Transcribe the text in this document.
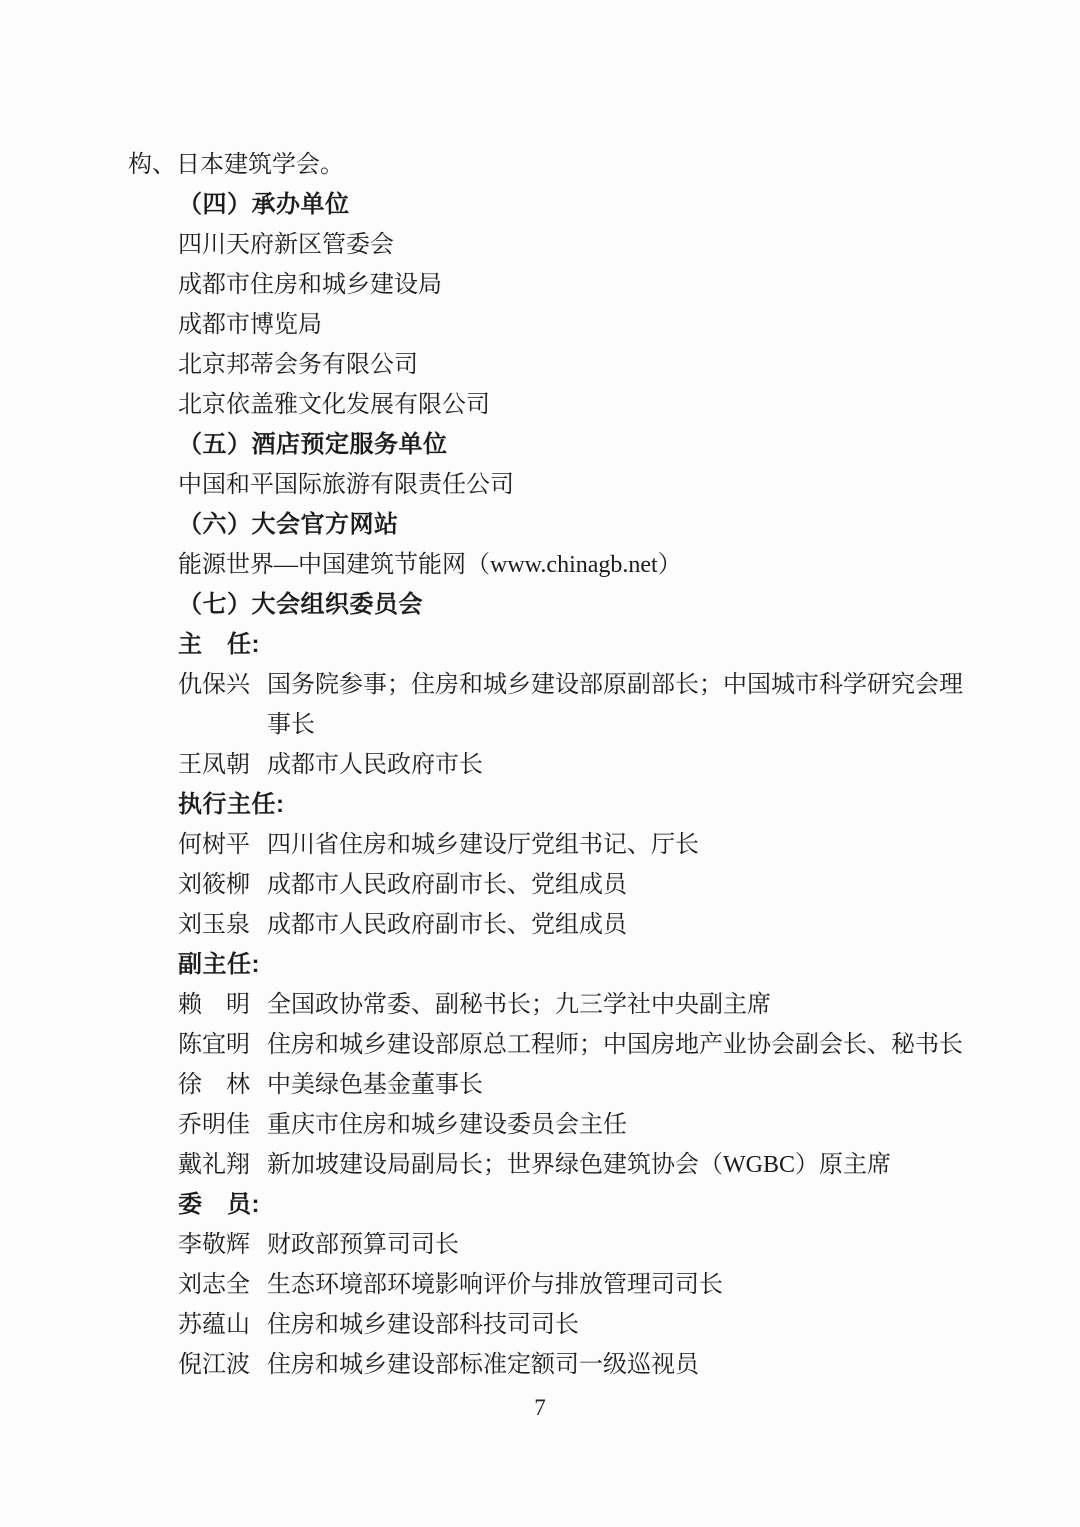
构、日本建筑学会。
（四）承办单位
四川天府新区管委会
成都市住房和城乡建设局
成都市博览局
北京邦蒂会务有限公司
北京依盖雅文化发展有限公司
（五）酒店预定服务单位
中国和平国际旅游有限责任公司
（六）大会官方网站
能源世界—中国建筑节能网（www.chinagb.net）
（七）大会组织委员会
主　任:
仇保兴 国务院参事；住房和城乡建设部原副部长；中国城市科学研究会理事长
王凤朝 成都市人民政府市长
执行主任:
何树平 四川省住房和城乡建设厅党组书记、厅长
刘筱柳 成都市人民政府副市长、党组成员
刘玉泉 成都市人民政府副市长、党组成员
副主任:
赖　明 全国政协常委、副秘书长；九三学社中央副主席
陈宜明 住房和城乡建设部原总工程师；中国房地产业协会副会长、秘书长
徐　林 中美绿色基金董事长
乔明佳 重庆市住房和城乡建设委员会主任
戴礼翔 新加坡建设局副局长；世界绿色建筑协会（WGBC）原主席
委　员:
李敬辉 财政部预算司司长
刘志全 生态环境部环境影响评价与排放管理司司长
苏蕴山 住房和城乡建设部科技司司长
倪江波 住房和城乡建设部标准定额司一级巡视员
7
